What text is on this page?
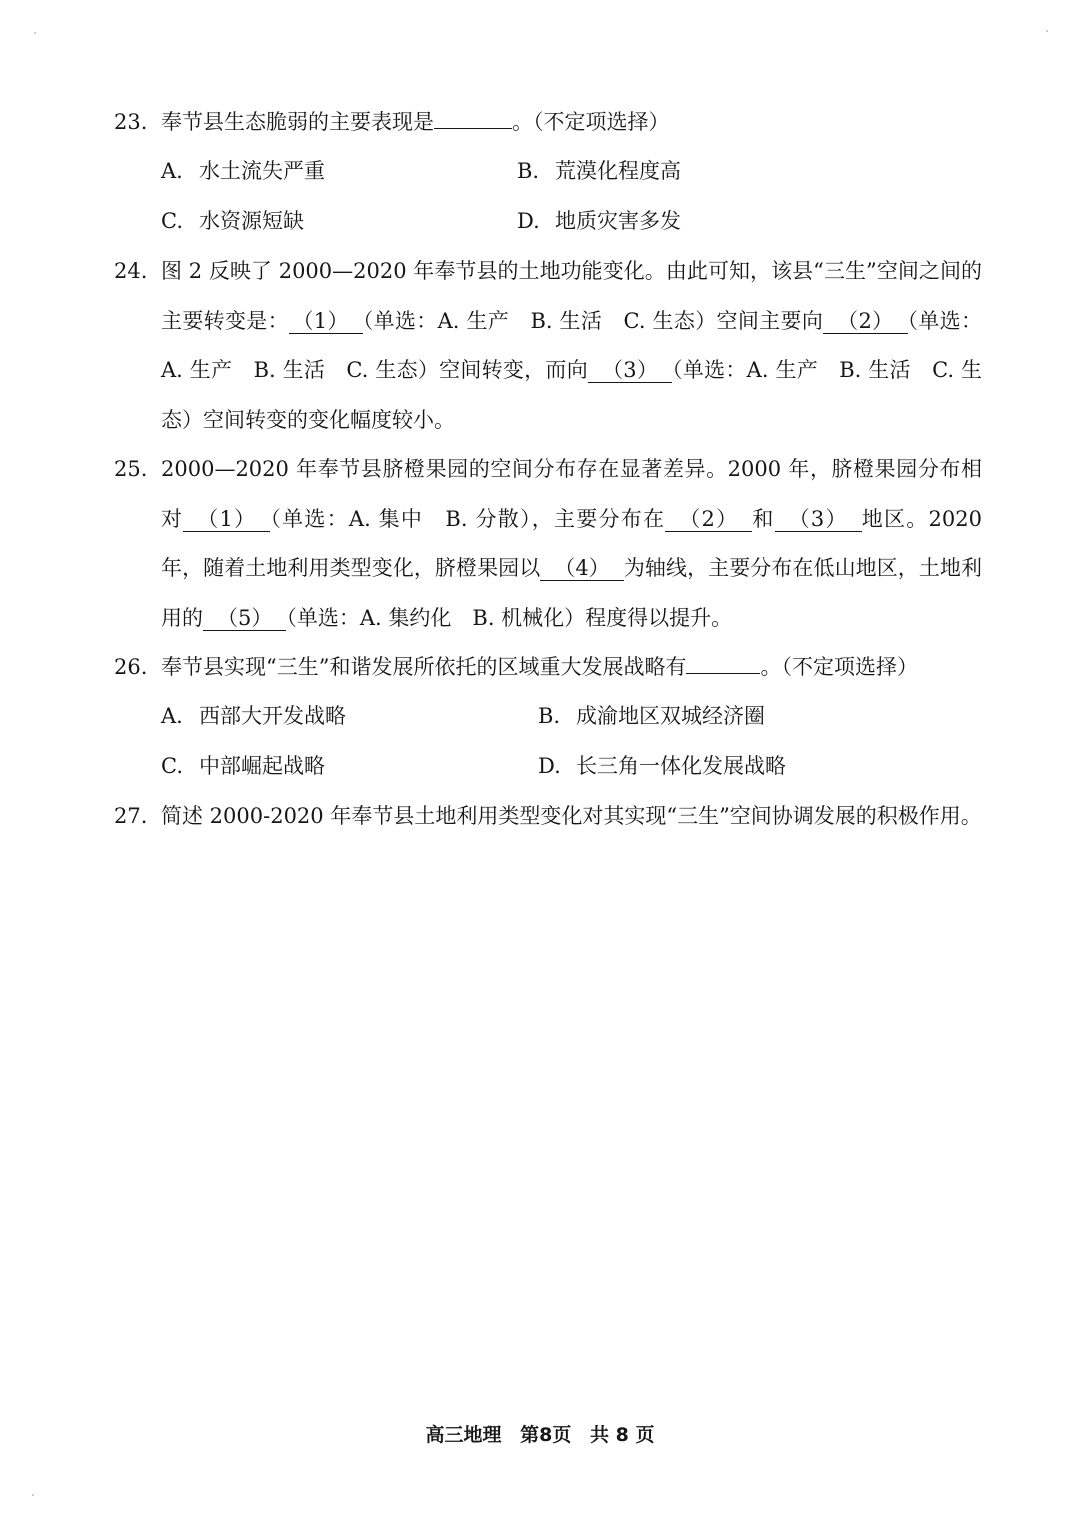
23. 奉节县生态脆弱的主要表现是	。（不定项选择）
A. 水土流失严重	B. 荒漠化程度高
C. 水资源短缺	D. 地质灾害多发
24. 图 2 反映了 2000—2020 年奉节县的土地功能变化。由此可知，该县“三生”空间之间的主要转变是： （1） （单选：A. 生产　B. 生活　C. 生态）空间主要向 （2） （单选：A. 生产　B. 生活　C. 生态）空间转变，而向 （3） （单选：A. 生产　B. 生活　C. 生态）空间转变的变化幅度较小。
25. 2000—2020 年奉节县脐橙果园的空间分布存在显著差异。2000 年，脐橙果园分布相对 （1） （单选：A. 集中　B. 分散），主要分布在 （2） 和 （3） 地区。2020 年，随着土地利用类型变化，脐橙果园以 （4） 为轴线，主要分布在低山地区，土地利用的 （5） （单选：A. 集约化　B. 机械化）程度得以提升。
26. 奉节县实现“三生”和谐发展所依托的区域重大发展战略有	。（不定项选择）
A. 西部大开发战略	B. 成渝地区双城经济圈
C. 中部崛起战略	D. 长三角一体化发展战略
27. 简述 2000-2020 年奉节县土地利用类型变化对其实现“三生”空间协调发展的积极作用。
高三地理 第8页 共 8 页
